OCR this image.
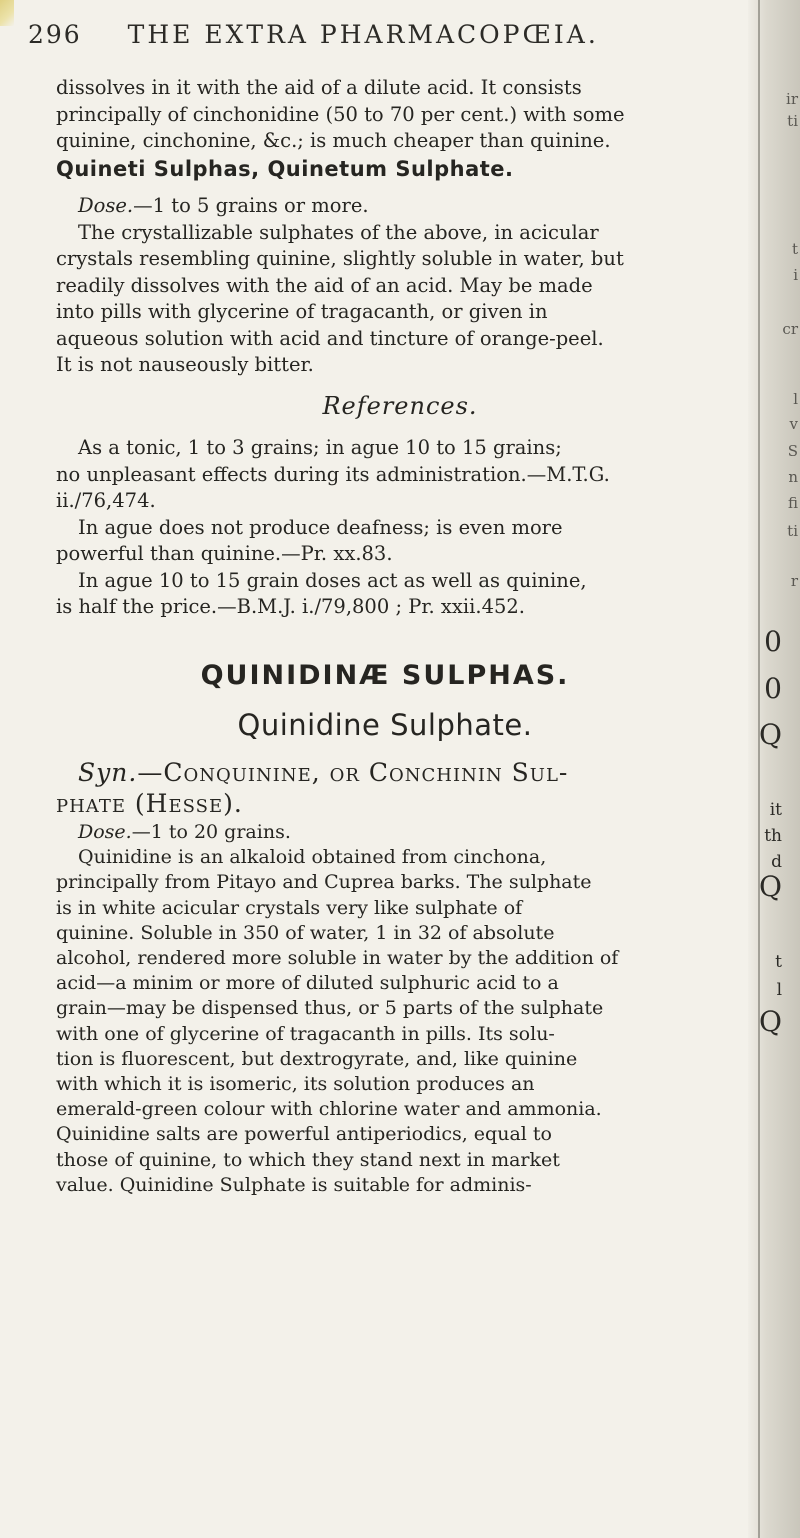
ir
ti
t
i
cr
l
v
S
n
fi
ti
r
0
0
Q
it
th
d
Q
t
l
Q
296 THE EXTRA PHARMACOPŒIA.

dissolves in it with the aid of a dilute acid. It consists

principally of cinchonidine (50 to 70 per cent.) with some

quinine, cinchonine, &c.; is much cheaper than quinine.

Quineti Sulphas, Quinetum Sulphate.

Dose.—1 to 5 grains or more.

The crystallizable sulphates of the above, in acicular

crystals resembling quinine, slightly soluble in water, but

readily dissolves with the aid of an acid. May be made

into pills with glycerine of tragacanth, or given in

aqueous solution with acid and tincture of orange-peel.

It is not nauseously bitter.

References.

As a tonic, 1 to 3 grains; in ague 10 to 15 grains;

no unpleasant effects during its administration.—M.T.G.

ii./76,474.

In ague does not produce deafness; is even more

powerful than quinine.—Pr. xx.83.

In ague 10 to 15 grain doses act as well as quinine,

is half the price.—B.M.J. i./79,800 ; Pr. xxii.452.

QUINIDINÆ SULPHAS.
Quinidine Sulphate.

Syn.—Conquinine, or Conchinin Sul-

phate (Hesse).

Dose.—1 to 20 grains.

Quinidine is an alkaloid obtained from cinchona,

principally from Pitayo and Cuprea barks. The sulphate

is in white acicular crystals very like sulphate of

quinine. Soluble in 350 of water, 1 in 32 of absolute

alcohol, rendered more soluble in water by the addition of

acid—a minim or more of diluted sulphuric acid to a

grain—may be dispensed thus, or 5 parts of the sulphate

with one of glycerine of tragacanth in pills. Its solu-

tion is fluorescent, but dextrogyrate, and, like quinine

with which it is isomeric, its solution produces an

emerald-green colour with chlorine water and ammonia.

Quinidine salts are powerful antiperiodics, equal to

those of quinine, to which they stand next in market

value. Quinidine Sulphate is suitable for adminis-
